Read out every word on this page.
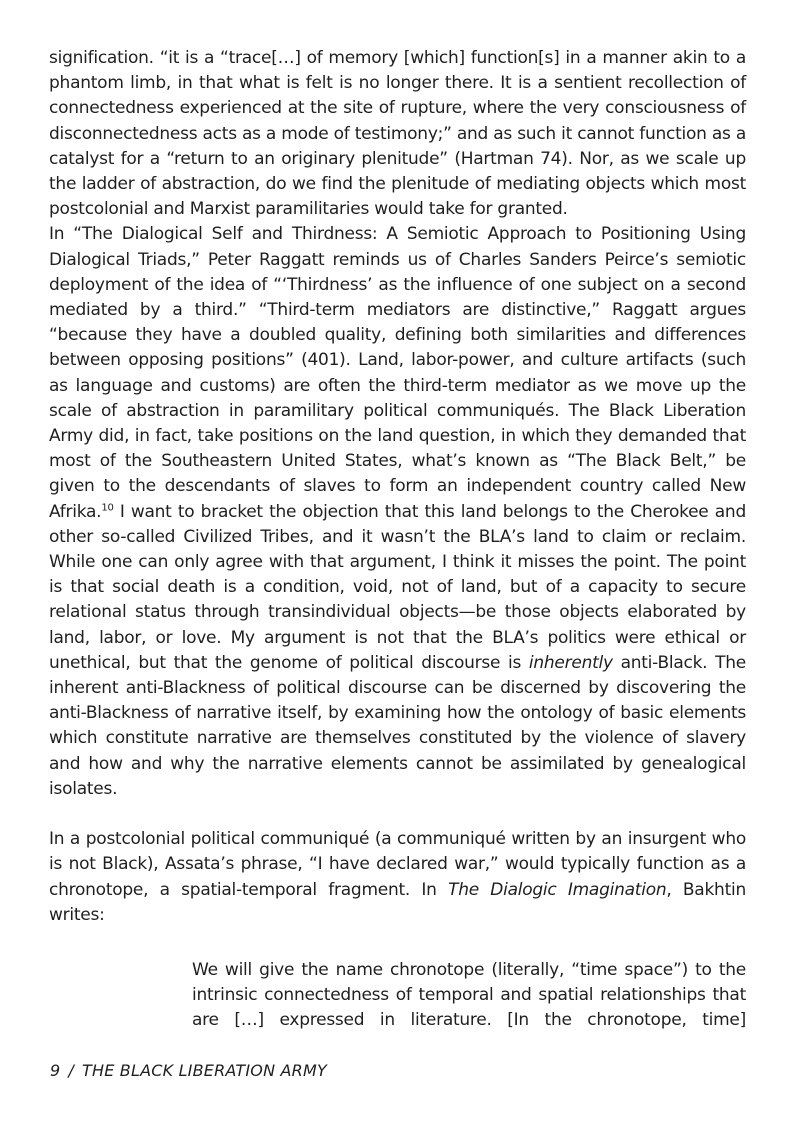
signification. “it is a “trace[…] of memory [which] function[s] in a manner akin to a phantom limb, in that what is felt is no longer there. It is a sentient recollection of connectedness experienced at the site of rupture, where the very consciousness of disconnectedness acts as a mode of testimony;” and as such it cannot function as a catalyst for a “return to an originary plenitude” (Hartman 74). Nor, as we scale up the ladder of abstraction, do we find the plenitude of mediating objects which most postcolonial and Marxist paramilitaries would take for granted.

In “The Dialogical Self and Thirdness: A Semiotic Approach to Positioning Using Dialogical Triads,” Peter Raggatt reminds us of Charles Sanders Peirce’s semiotic deployment of the idea of “‘Thirdness’ as the influence of one subject on a second mediated by a third.” “Third-term mediators are distinctive,” Raggatt argues “because they have a doubled quality, defining both similarities and differences between opposing positions” (401). Land, labor-power, and culture artifacts (such as language and customs) are often the third-term mediator as we move up the scale of abstraction in paramilitary political communiqués. The Black Liberation Army did, in fact, take positions on the land question, in which they demanded that most of the Southeastern United States, what’s known as “The Black Belt,” be given to the descendants of slaves to form an independent country called New Afrika.$^{10}$ I want to bracket the objection that this land belongs to the Cherokee and other so-called Civilized Tribes, and it wasn’t the BLA’s land to claim or reclaim. While one can only agree with that argument, I think it misses the point. The point is that social death is a condition, void, not of land, but of a capacity to secure relational status through transindividual objects—be those objects elaborated by land, labor, or love. My argument is not that the BLA’s politics were ethical or unethical, but that the genome of political discourse is inherently anti-Black. The inherent anti-Blackness of political discourse can be discerned by discovering the anti-Blackness of narrative itself, by examining how the ontology of basic elements which constitute narrative are themselves constituted by the violence of slavery and how and why the narrative elements cannot be assimilated by genealogical isolates.

In a postcolonial political communiqué (a communiqué written by an insurgent who is not Black), Assata’s phrase, “I have declared war,” would typically function as a chronotope, a spatial-temporal fragment. In The Dialogic Imagination, Bakhtin writes:

We will give the name chronotope (literally, “time space”) to the intrinsic connectedness of temporal and spatial relationships that are […] expressed in literature. [In the chronotope, time]
9 / THE BLACK LIBERATION ARMY
